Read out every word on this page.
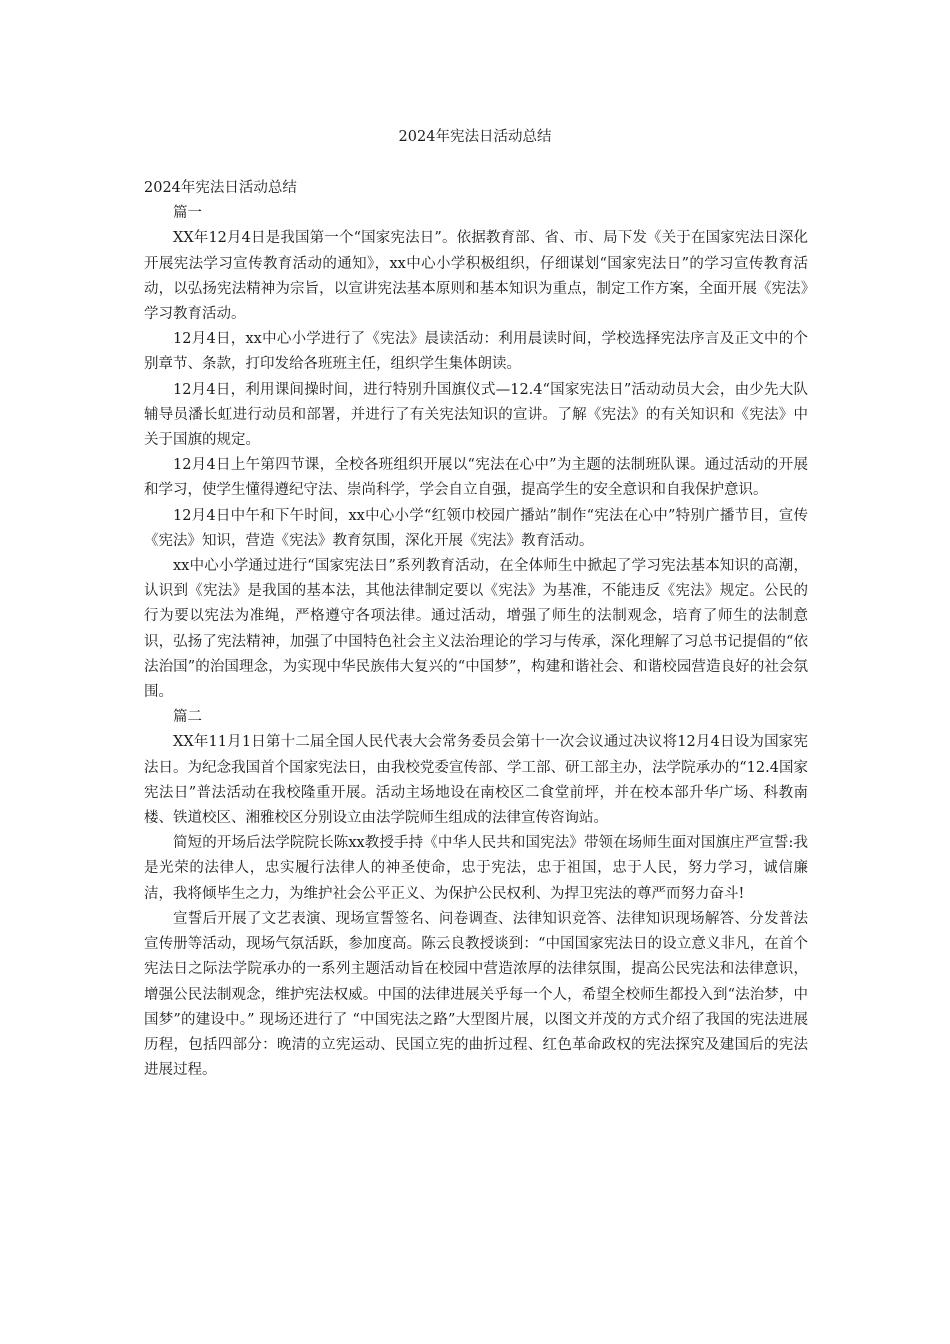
2024年宪法日活动总结

2024年宪法日活动总结

篇一

XX年12月4日是我国第一个“国家宪法日”。依据教育部、省、市、局下发《关于在国家宪法日深化开展宪法学习宣传教育活动的通知》，xx中心小学积极组织，仔细谋划“国家宪法日”的学习宣传教育活动，以弘扬宪法精神为宗旨，以宣讲宪法基本原则和基本知识为重点，制定工作方案，全面开展《宪法》学习教育活动。

12月4日，xx中心小学进行了《宪法》晨读活动：利用晨读时间，学校选择宪法序言及正文中的个别章节、条款，打印发给各班班主任，组织学生集体朗读。

12月4日，利用课间操时间，进行特别升国旗仪式—12.4“国家宪法日”活动动员大会，由少先大队辅导员潘长虹进行动员和部署，并进行了有关宪法知识的宣讲。了解《宪法》的有关知识和《宪法》中关于国旗的规定。

12月4日上午第四节课，全校各班组织开展以“宪法在心中”为主题的法制班队课。通过活动的开展和学习，使学生懂得遵纪守法、崇尚科学，学会自立自强，提高学生的安全意识和自我保护意识。

12月4日中午和下午时间，xx中心小学“红领巾校园广播站”制作“宪法在心中”特别广播节目，宣传《宪法》知识，营造《宪法》教育氛围，深化开展《宪法》教育活动。

xx中心小学通过进行“国家宪法日”系列教育活动，在全体师生中掀起了学习宪法基本知识的高潮，认识到《宪法》是我国的基本法，其他法律制定要以《宪法》为基准，不能违反《宪法》规定。公民的行为要以宪法为准绳，严格遵守各项法律。通过活动，增强了师生的法制观念，培育了师生的法制意识，弘扬了宪法精神，加强了中国特色社会主义法治理论的学习与传承，深化理解了习总书记提倡的“依法治国”的治国理念，为实现中华民族伟大复兴的“中国梦”，构建和谐社会、和谐校园营造良好的社会氛围。

篇二

XX年11月1日第十二届全国人民代表大会常务委员会第十一次会议通过决议将12月4日设为国家宪法日。为纪念我国首个国家宪法日，由我校党委宣传部、学工部、研工部主办，法学院承办的“12.4国家宪法日”普法活动在我校隆重开展。活动主场地设在南校区二食堂前坪，并在校本部升华广场、科教南楼、铁道校区、湘雅校区分别设立由法学院师生组成的法律宣传咨询站。

简短的开场后法学院院长陈xx教授手持《中华人民共和国宪法》带领在场师生面对国旗庄严宣誓:我是光荣的法律人，忠实履行法律人的神圣使命，忠于宪法，忠于祖国，忠于人民，努力学习，诚信廉洁，我将倾毕生之力，为维护社会公平正义、为保护公民权利、为捍卫宪法的尊严而努力奋斗!

宣誓后开展了文艺表演、现场宣誓签名、问卷调查、法律知识竞答、法律知识现场解答、分发普法宣传册等活动，现场气氛活跃，参加度高。陈云良教授谈到：“中国国家宪法日的设立意义非凡，在首个宪法日之际法学院承办的一系列主题活动旨在校园中营造浓厚的法律氛围，提高公民宪法和法律意识，增强公民法制观念，维护宪法权威。中国的法律进展关乎每一个人，希望全校师生都投入到“法治梦，中国梦”的建设中。” 现场还进行了 “中国宪法之路”大型图片展，以图文并茂的方式介绍了我国的宪法进展历程，包括四部分：晚清的立宪运动、民国立宪的曲折过程、红色革命政权的宪法探究及建国后的宪法进展过程。
